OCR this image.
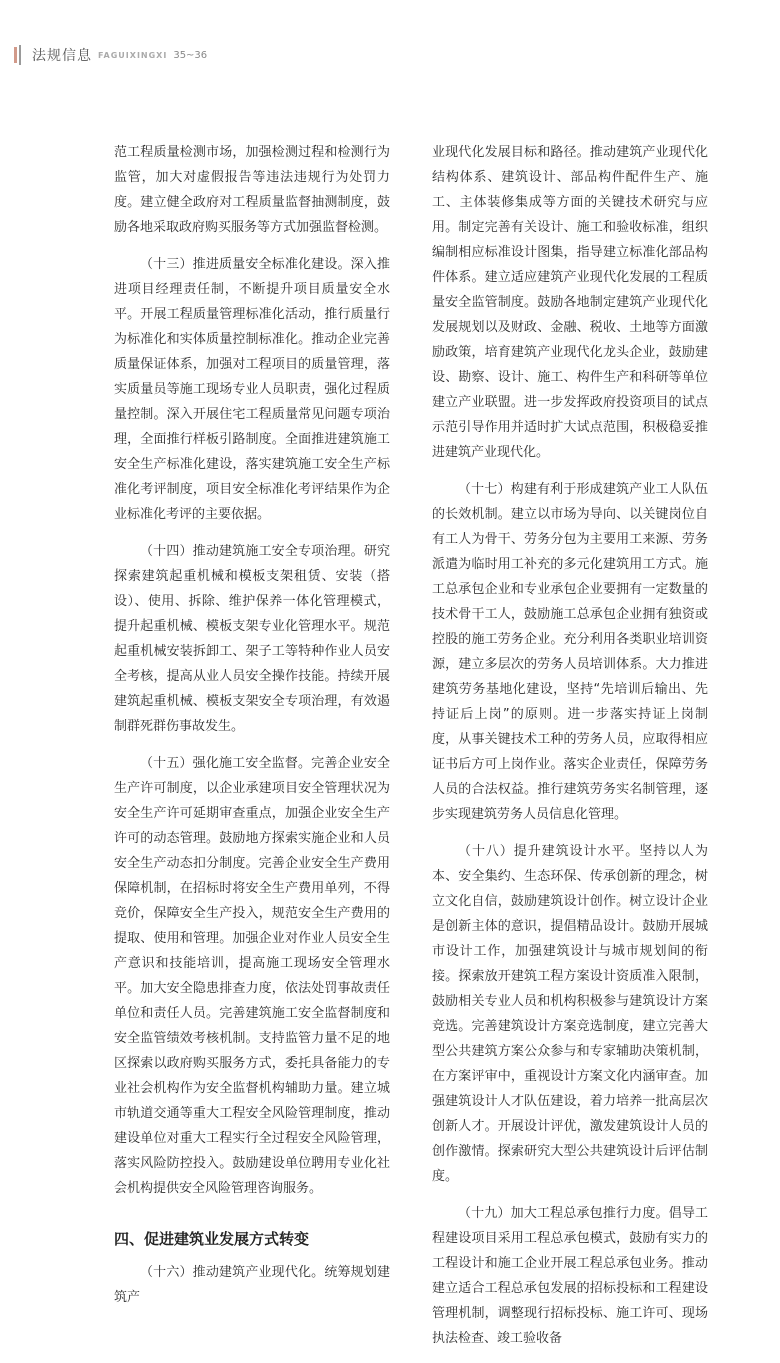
法规信息 FAGUIXINGXI 35~36

范工程质量检测市场，加强检测过程和检测行为监管，加大对虚假报告等违法违规行为处罚力度。建立健全政府对工程质量监督抽测制度，鼓励各地采取政府购买服务等方式加强监督检测。

（十三）推进质量安全标准化建设。深入推进项目经理责任制，不断提升项目质量安全水平。开展工程质量管理标准化活动，推行质量行为标准化和实体质量控制标准化。推动企业完善质量保证体系，加强对工程项目的质量管理，落实质量员等施工现场专业人员职责，强化过程质量控制。深入开展住宅工程质量常见问题专项治理，全面推行样板引路制度。全面推进建筑施工安全生产标准化建设，落实建筑施工安全生产标准化考评制度，项目安全标准化考评结果作为企业标准化考评的主要依据。

（十四）推动建筑施工安全专项治理。研究探索建筑起重机械和模板支架租赁、安装（搭设）、使用、拆除、维护保养一体化管理模式，提升起重机械、模板支架专业化管理水平。规范起重机械安装拆卸工、架子工等特种作业人员安全考核，提高从业人员安全操作技能。持续开展建筑起重机械、模板支架安全专项治理，有效遏制群死群伤事故发生。

（十五）强化施工安全监督。完善企业安全生产许可制度，以企业承建项目安全管理状况为安全生产许可延期审查重点，加强企业安全生产许可的动态管理。鼓励地方探索实施企业和人员安全生产动态扣分制度。完善企业安全生产费用保障机制，在招标时将安全生产费用单列，不得竞价，保障安全生产投入，规范安全生产费用的提取、使用和管理。加强企业对作业人员安全生产意识和技能培训，提高施工现场安全管理水平。加大安全隐患排查力度，依法处罚事故责任单位和责任人员。完善建筑施工安全监督制度和安全监管绩效考核机制。支持监管力量不足的地区探索以政府购买服务方式，委托具备能力的专业社会机构作为安全监督机构辅助力量。建立城市轨道交通等重大工程安全风险管理制度，推动建设单位对重大工程实行全过程安全风险管理，落实风险防控投入。鼓励建设单位聘用专业化社会机构提供安全风险管理咨询服务。

四、促进建筑业发展方式转变

（十六）推动建筑产业现代化。统筹规划建筑产

业现代化发展目标和路径。推动建筑产业现代化结构体系、建筑设计、部品构件配件生产、施工、主体装修集成等方面的关键技术研究与应用。制定完善有关设计、施工和验收标准，组织编制相应标准设计图集，指导建立标准化部品构件体系。建立适应建筑产业现代化发展的工程质量安全监管制度。鼓励各地制定建筑产业现代化发展规划以及财政、金融、税收、土地等方面激励政策，培育建筑产业现代化龙头企业，鼓励建设、勘察、设计、施工、构件生产和科研等单位建立产业联盟。进一步发挥政府投资项目的试点示范引导作用并适时扩大试点范围，积极稳妥推进建筑产业现代化。

（十七）构建有利于形成建筑产业工人队伍的长效机制。建立以市场为导向、以关键岗位自有工人为骨干、劳务分包为主要用工来源、劳务派遣为临时用工补充的多元化建筑用工方式。施工总承包企业和专业承包企业要拥有一定数量的技术骨干工人，鼓励施工总承包企业拥有独资或控股的施工劳务企业。充分利用各类职业培训资源，建立多层次的劳务人员培训体系。大力推进建筑劳务基地化建设，坚持“先培训后输出、先持证后上岗”的原则。进一步落实持证上岗制度，从事关键技术工种的劳务人员，应取得相应证书后方可上岗作业。落实企业责任，保障劳务人员的合法权益。推行建筑劳务实名制管理，逐步实现建筑劳务人员信息化管理。

（十八）提升建筑设计水平。坚持以人为本、安全集约、生态环保、传承创新的理念，树立文化自信，鼓励建筑设计创作。树立设计企业是创新主体的意识，提倡精品设计。鼓励开展城市设计工作，加强建筑设计与城市规划间的衔接。探索放开建筑工程方案设计资质准入限制，鼓励相关专业人员和机构积极参与建筑设计方案竞选。完善建筑设计方案竞选制度，建立完善大型公共建筑方案公众参与和专家辅助决策机制，在方案评审中，重视设计方案文化内涵审查。加强建筑设计人才队伍建设，着力培养一批高层次创新人才。开展设计评优，激发建筑设计人员的创作激情。探索研究大型公共建筑设计后评估制度。

（十九）加大工程总承包推行力度。倡导工程建设项目采用工程总承包模式，鼓励有实力的工程设计和施工企业开展工程总承包业务。推动建立适合工程总承包发展的招标投标和工程建设管理机制，调整现行招标投标、施工许可、现场执法检查、竣工验收备
